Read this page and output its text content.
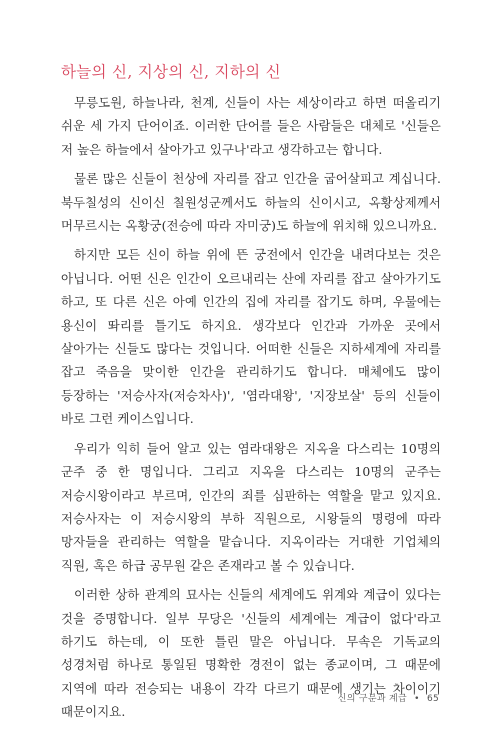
하늘의 신, 지상의 신, 지하의 신

무릉도원, 하늘나라, 천계, 신들이 사는 세상이라고 하면 떠올리기 쉬운 세 가지 단어이죠. 이러한 단어를 들은 사람들은 대체로 '신들은 저 높은 하늘에서 살아가고 있구나'라고 생각하고는 합니다.

물론 많은 신들이 천상에 자리를 잡고 인간을 굽어살피고 계십니다. 북두칠성의 신이신 칠원성군께서도 하늘의 신이시고, 옥황상제께서 머무르시는 옥황궁(전승에 따라 자미궁)도 하늘에 위치해 있으니까요.

하지만 모든 신이 하늘 위에 뜬 궁전에서 인간을 내려다보는 것은 아닙니다. 어떤 신은 인간이 오르내리는 산에 자리를 잡고 살아가기도 하고, 또 다른 신은 아예 인간의 집에 자리를 잡기도 하며, 우물에는 용신이 똬리를 틀기도 하지요. 생각보다 인간과 가까운 곳에서 살아가는 신들도 많다는 것입니다. 어떠한 신들은 지하세계에 자리를 잡고 죽음을 맞이한 인간을 관리하기도 합니다. 매체에도 많이 등장하는 '저승사자(저승차사)', '염라대왕', '지장보살' 등의 신들이 바로 그런 케이스입니다.

우리가 익히 들어 알고 있는 염라대왕은 지옥을 다스리는 10명의 군주 중 한 명입니다. 그리고 지옥을 다스리는 10명의 군주는 저승시왕이라고 부르며, 인간의 죄를 심판하는 역할을 맡고 있지요. 저승사자는 이 저승시왕의 부하 직원으로, 시왕들의 명령에 따라 망자들을 관리하는 역할을 맡습니다. 지옥이라는 거대한 기업체의 직원, 혹은 하급 공무원 같은 존재라고 볼 수 있습니다.

이러한 상하 관계의 묘사는 신들의 세계에도 위계와 계급이 있다는 것을 증명합니다. 일부 무당은 '신들의 세계에는 계급이 없다'라고 하기도 하는데, 이 또한 틀린 말은 아닙니다. 무속은 기독교의 성경처럼 하나로 통일된 명확한 경전이 없는 종교이며, 그 때문에 지역에 따라 전승되는 내용이 각각 다르기 때문에 생기는 차이이기 때문이지요.

신의 구분과 계급 • 65
